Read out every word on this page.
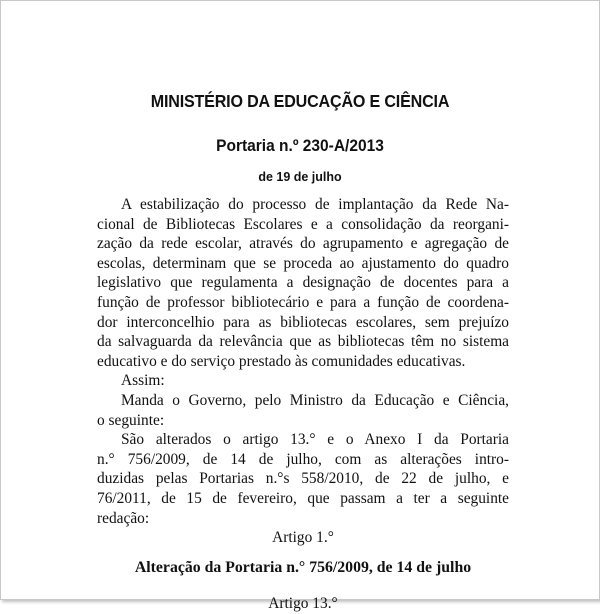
MINISTÉRIO DA EDUCAÇÃO E CIÊNCIA
Portaria n.º 230-A/2013
de 19 de julho
A estabilização do processo de implantação da Rede Na-
cional de Bibliotecas Escolares e a consolidação da reorgani-
zação da rede escolar, através do agrupamento e agregação de
escolas, determinam que se proceda ao ajustamento do quadro
legislativo que regulamenta a designação de docentes para a
função de professor bibliotecário e para a função de coordena-
dor interconcelhio para as bibliotecas escolares, sem prejuízo
da salvaguarda da relevância que as bibliotecas têm no sistema
educativo e do serviço prestado às comunidades educativas.
Assim:
Manda o Governo, pelo Ministro da Educação e Ciência,
o seguinte:
São alterados o artigo 13.° e o Anexo I da Portaria
n.° 756/2009, de 14 de julho, com as alterações intro-
duzidas pelas Portarias n.°s 558/2010, de 22 de julho, e
76/2011, de 15 de fevereiro, que passam a ter a seguinte
redação:
Artigo 1.°
Alteração da Portaria n.° 756/2009, de 14 de julho
Artigo 13.°
